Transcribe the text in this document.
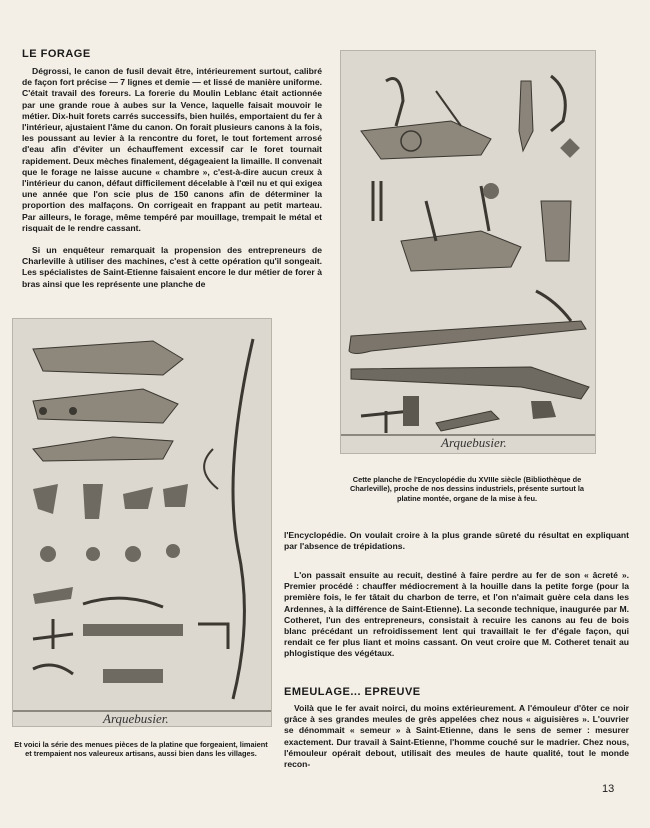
LE FORAGE

Dégrossi, le canon de fusil devait être, intérieurement surtout, calibré de façon fort précise — 7 lignes et demie — et lissé de manière uniforme. C'était travail des foreurs. La forerie du Moulin Leblanc était actionnée par une grande roue à aubes sur la Vence, laquelle faisait mouvoir le métier. Dix-huit forets carrés successifs, bien huilés, emportaient du fer à l'intérieur, ajustaient l'âme du canon. On forait plusieurs canons à la fois, les poussant au levier à la rencontre du foret, le tout fortement arrosé d'eau afin d'éviter un échauffement excessif car le foret tournait rapidement. Deux mèches finalement, dégageaient la limaille. Il convenait que le forage ne laisse aucune « chambre », c'est-à-dire aucun creux à l'intérieur du canon, défaut difficilement décelable à l'œil nu et qui exigea une année que l'on scie plus de 150 canons afin de déterminer la proportion des malfaçons. On corrigeait en frappant au petit marteau. Par ailleurs, le forage, même tempéré par mouillage, trempait le métal et risquait de le rendre cassant.

Si un enquêteur remarquait la propension des entrepreneurs de Charleville à utiliser des machines, c'est à cette opération qu'il songeait. Les spécialistes de Saint-Etienne faisaient encore le dur métier de forer à bras ainsi que les représente une planche de

Arquebusier.

Cette planche de l'Encyclopédie du XVIIIe siècle (Bibliothèque de Charleville), proche de nos dessins industriels, présente surtout la platine montée, organe de la mise à feu.

Arquebusier.

Et voici la série des menues pièces de la platine que forgeaient, limaient et trempaient nos valeureux artisans, aussi bien dans les villages.

l'Encyclopédie. On voulait croire à la plus grande sûreté du résultat en expliquant par l'absence de trépidations.

L'on passait ensuite au recuit, destiné à faire perdre au fer de son « âcreté ». Premier procédé : chauffer médiocrement à la houille dans la petite forge (pour la première fois, le fer tâtait du charbon de terre, et l'on n'aimait guère cela dans les Ardennes, à la différence de Saint-Etienne). La seconde technique, inaugurée par M. Cotheret, l'un des entrepreneurs, consistait à recuire les canons au feu de bois blanc précédant un refroidissement lent qui travaillait le fer d'égale façon, qui rendait ce fer plus liant et moins cassant. On veut croire que M. Cotheret tenait au phlogistique des végétaux.

EMEULAGE... EPREUVE

Voilà que le fer avait noirci, du moins extérieurement. A l'émouleur d'ôter ce noir grâce à ses grandes meules de grès appelées chez nous « aiguisières ». L'ouvrier se dénommait « semeur » à Saint-Etienne, dans le sens de semer : mesurer exactement. Dur travail à Saint-Etienne, l'homme couché sur le madrier. Chez nous, l'émouleur opérait debout, utilisait des meules de haute qualité, tout le monde recon-

13
